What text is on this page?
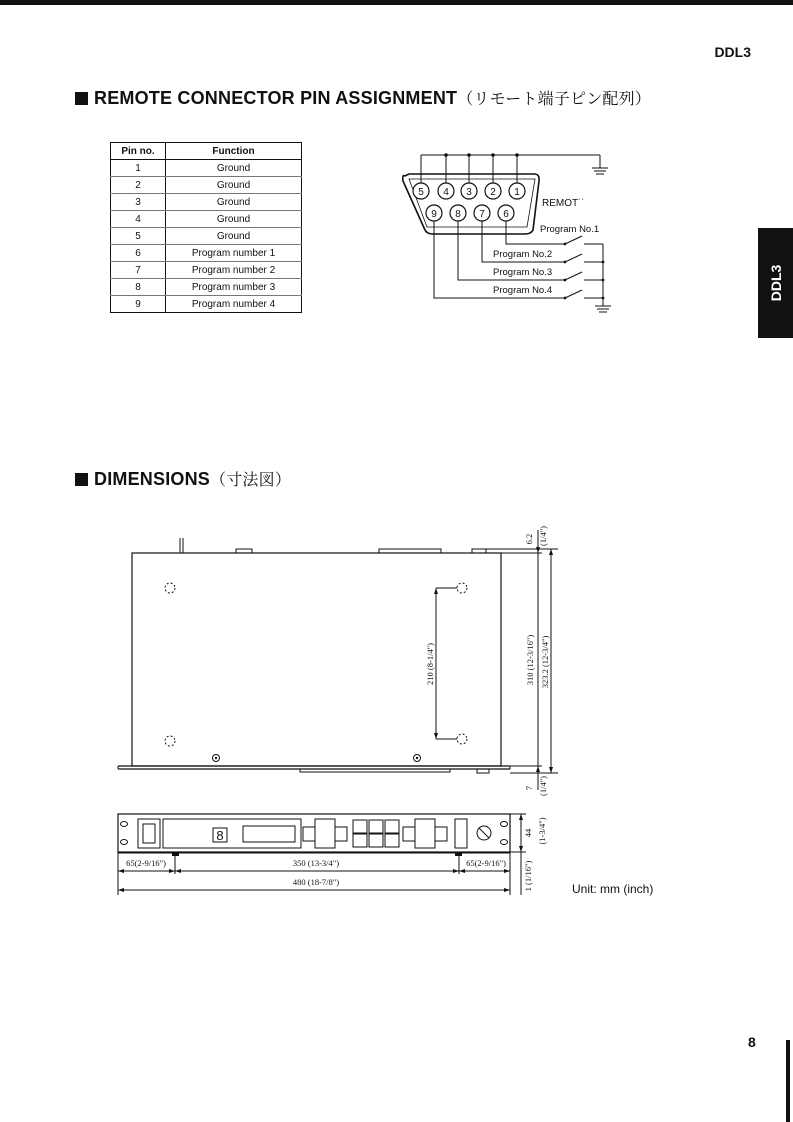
DDL3
DDL3
REMOTE CONNECTOR PIN ASSIGNMENT（リモート端子ピン配列）
Pin no.	Function
1	Ground
2	Ground
3	Ground
4	Ground
5	Ground
6	Program number 1
7	Program number 2
8	Program number 3
9	Program number 4
5 4 3 2 1
9 8 7 6
REMOT˙˙
Program No.1
Program No.2
Program No.3
Program No.4
DIMENSIONS（寸法図）
8
210 (8-1/4")	310 (12-3/16") 323.2 (12-3/4")
6.2 (1/4")
7 (1/4")
44 (1-3/4")
1 (1/16")
65(2-9/16")	350 (13-3/4")	65(2-9/16")
480 (18-7/8")	Unit: mm (inch)
8
